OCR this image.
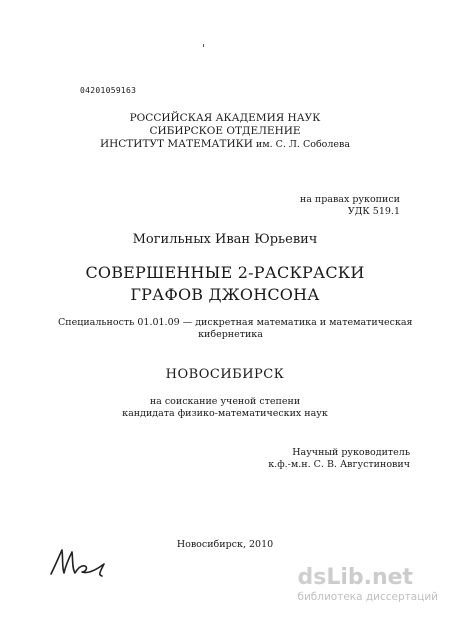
04201059163
РОССИЙСКАЯ АКАДЕМИЯ НАУК
СИБИРСКОЕ ОТДЕЛЕНИЕ
ИНСТИТУТ МАТЕМАТИКИ им. С. Л. Соболева
на правах рукописи
УДК 519.1
Могильных Иван Юрьевич
СОВЕРШЕННЫЕ 2-РАСКРАСКИ
ГРАФОВ ДЖОНСОНА
Специальность 01.01.09 — дискретная математика и математическая
кибернетика
НОВОСИБИРСК
на соискание ученой степени
кандидата физико-математических наук
Научный руководитель
к.ф.-м.н. С. В. Августинович
Новосибирск, 2010
dsLib.net
библиотека диссертаций
